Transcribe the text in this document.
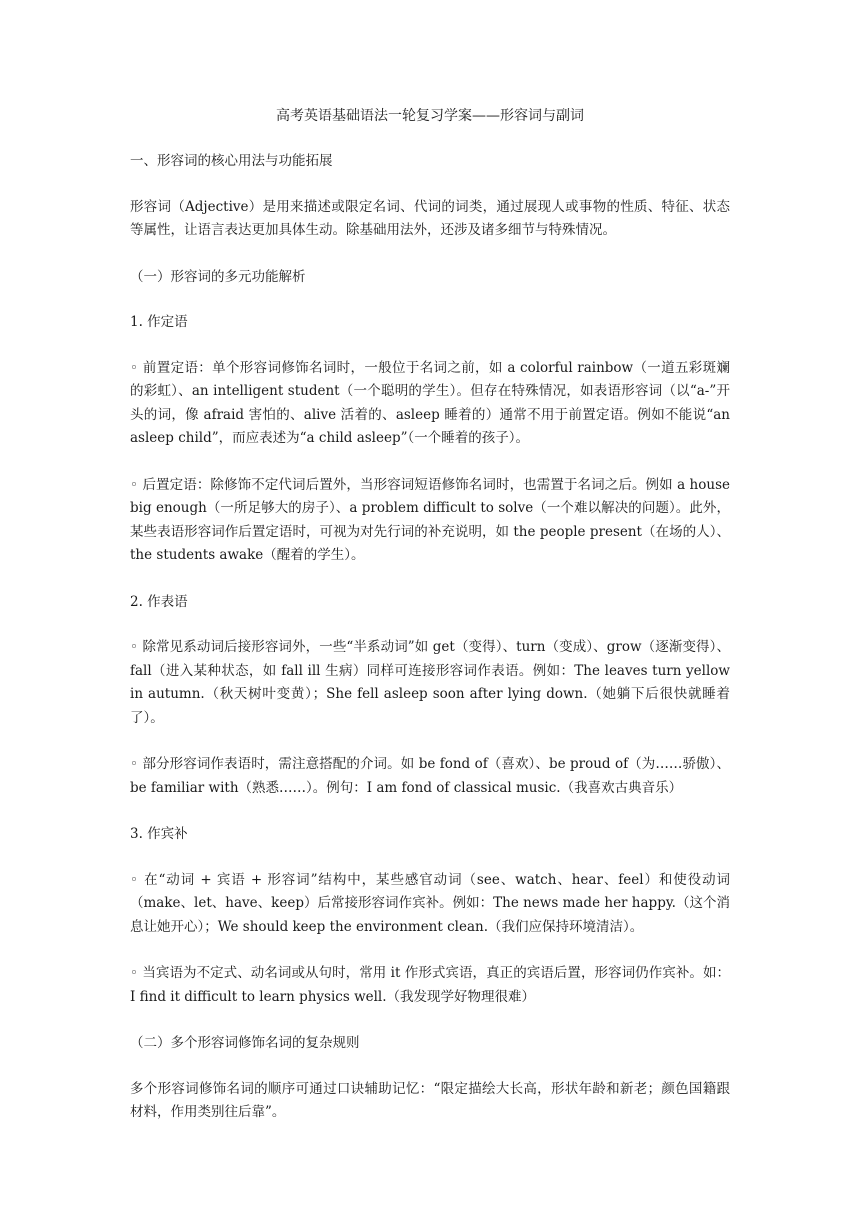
高考英语基础语法一轮复习学案——形容词与副词

一、形容词的核心用法与功能拓展

形容词（Adjective）是用来描述或限定名词、代词的词类，通过展现人或事物的性质、特征、状态等属性，让语言表达更加具体生动。除基础用法外，还涉及诸多细节与特殊情况。

（一）形容词的多元功能解析

1. 作定语

◦ 前置定语：单个形容词修饰名词时，一般位于名词之前，如 a colorful rainbow（一道五彩斑斓的彩虹）、an intelligent student（一个聪明的学生）。但存在特殊情况，如表语形容词（以“a-”开头的词，像 afraid 害怕的、alive 活着的、asleep 睡着的）通常不用于前置定语。例如不能说“an asleep child”，而应表述为“a child asleep”（一个睡着的孩子）。

◦ 后置定语：除修饰不定代词后置外，当形容词短语修饰名词时，也需置于名词之后。例如 a house big enough（一所足够大的房子）、a problem difficult to solve（一个难以解决的问题）。此外，某些表语形容词作后置定语时，可视为对先行词的补充说明，如 the people present（在场的人）、the students awake（醒着的学生）。

2. 作表语

◦ 除常见系动词后接形容词外，一些“半系动词”如 get（变得）、turn（变成）、grow（逐渐变得）、fall（进入某种状态，如 fall ill 生病）同样可连接形容词作表语。例如：The leaves turn yellow in autumn.（秋天树叶变黄）；She fell asleep soon after lying down.（她躺下后很快就睡着了）。

◦ 部分形容词作表语时，需注意搭配的介词。如 be fond of（喜欢）、be proud of（为……骄傲）、be familiar with（熟悉……）。例句：I am fond of classical music.（我喜欢古典音乐）

3. 作宾补

◦ 在“动词 + 宾语 + 形容词”结构中，某些感官动词（see、watch、hear、feel）和使役动词（make、let、have、keep）后常接形容词作宾补。例如：The news made her happy.（这个消息让她开心）；We should keep the environment clean.（我们应保持环境清洁）。

◦ 当宾语为不定式、动名词或从句时，常用 it 作形式宾语，真正的宾语后置，形容词仍作宾补。如：I find it difficult to learn physics well.（我发现学好物理很难）

（二）多个形容词修饰名词的复杂规则

多个形容词修饰名词的顺序可通过口诀辅助记忆：“限定描绘大长高，形状年龄和新老；颜色国籍跟材料，作用类别往后靠”。
